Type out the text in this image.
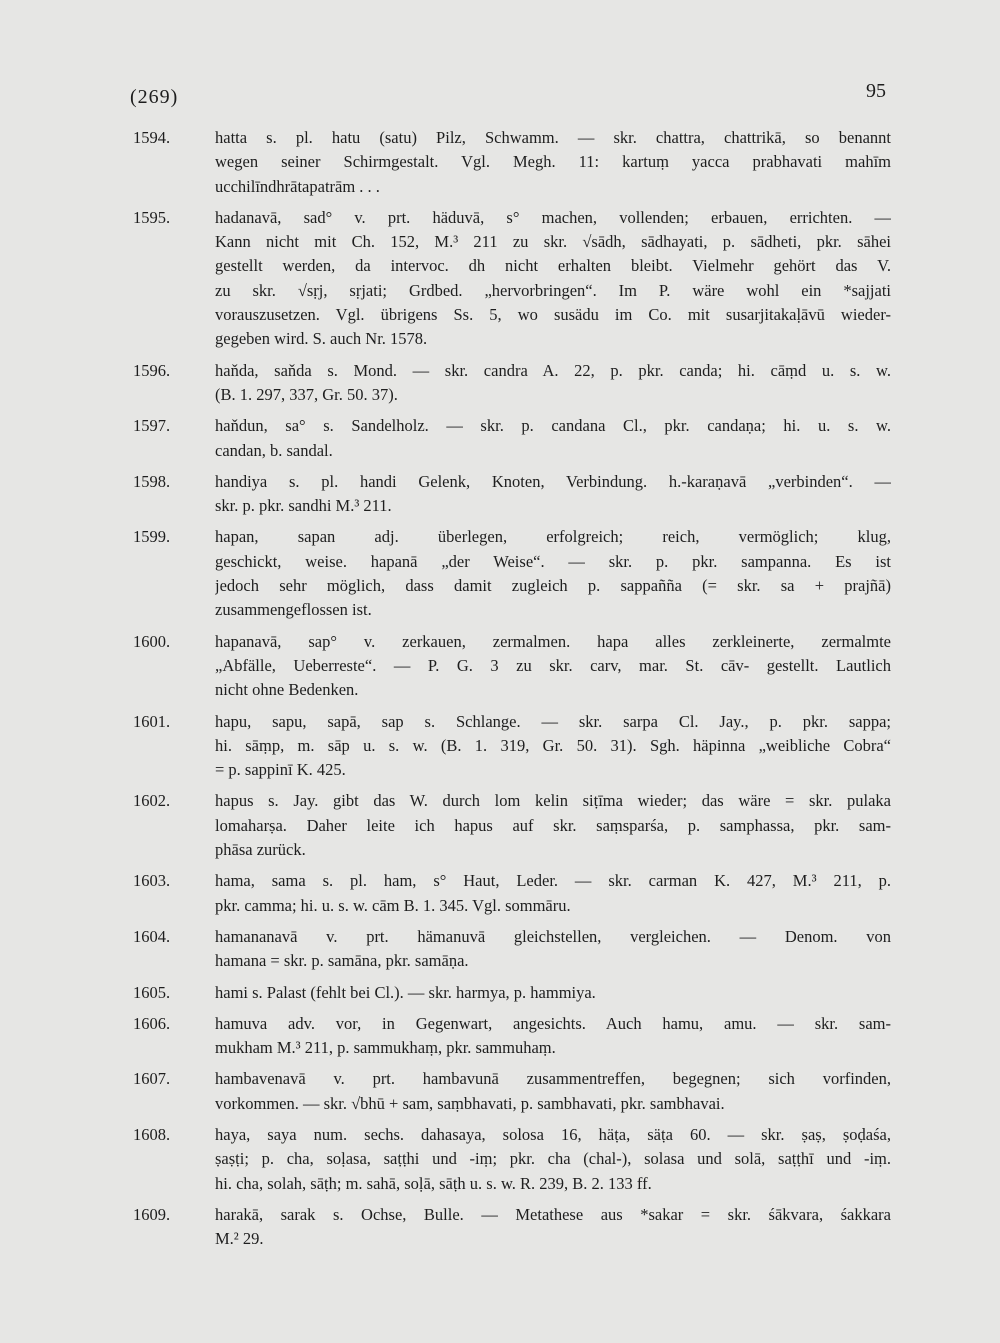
(269)	95
1594.	hatta s. pl. hatu (satu) Pilz, Schwamm. — skr. chattra, chattrikā, so benannt
wegen seiner Schirmgestalt. Vgl. Megh. 11: kartuṃ yacca prabhavati mahīm
ucchilīndhrātapatrām . . .
1595.	hadanavā, sad° v. prt. häduvā, s° machen, vollenden; erbauen, errichten. —
Kann nicht mit Ch. 152, M.³ 211 zu skr. √sādh, sādhayati, p. sādheti, pkr. sāhei
gestellt werden, da intervoc. dh nicht erhalten bleibt. Vielmehr gehört das V.
zu skr. √sṛj, sṛjati; Grdbed. „hervorbringen“. Im P. wäre wohl ein *sajjati
vorauszusetzen. Vgl. übrigens Ss. 5, wo susädu im Co. mit susarjitakaḷāvū wieder-
gegeben wird. S. auch Nr. 1578.
1596.	haňda, saňda s. Mond. — skr. candra A. 22, p. pkr. canda; hi. cāṃd u. s. w.
(B. 1. 297, 337, Gr. 50. 37).
1597.	haňdun, sa° s. Sandelholz. — skr. p. candana Cl., pkr. candaṇa; hi. u. s. w.
candan, b. sandal.
1598.	handiya s. pl. handi Gelenk, Knoten, Verbindung. h.-karaṇavā „verbinden“. —
skr. p. pkr. sandhi M.³ 211.
1599.	hapan, sapan adj. überlegen, erfolgreich; reich, vermöglich; klug,
geschickt, weise. hapanā „der Weise“. — skr. p. pkr. sampanna. Es ist
jedoch sehr möglich, dass damit zugleich p. sappañña (= skr. sa + prajñā)
zusammengeflossen ist.
1600.	hapanavā, sap° v. zerkauen, zermalmen. hapa alles zerkleinerte, zermalmte
„Abfälle, Ueberreste“. — P. G. 3 zu skr. carv, mar. St. cāv- gestellt. Lautlich
nicht ohne Bedenken.
1601.	hapu, sapu, sapā, sap s. Schlange. — skr. sarpa Cl. Jay., p. pkr. sappa;
hi. sāṃp, m. sāp u. s. w. (B. 1. 319, Gr. 50. 31). Sgh. häpinna „weibliche Cobra“
= p. sappinī K. 425.
1602.	hapus s. Jay. gibt das W. durch lom kelin siṭīma wieder; das wäre = skr. pulaka
lomaharṣa. Daher leite ich hapus auf skr. saṃsparśa, p. samphassa, pkr. sam-
phāsa zurück.
1603.	hama, sama s. pl. ham, s° Haut, Leder. — skr. carman K. 427, M.³ 211, p.
pkr. camma; hi. u. s. w. cām B. 1. 345. Vgl. sommāru.
1604.	hamananavā v. prt. hämanuvā gleichstellen, vergleichen. — Denom. von
hamana = skr. p. samāna, pkr. samāṇa.
1605.	hami s. Palast (fehlt bei Cl.). — skr. harmya, p. hammiya.
1606.	hamuva adv. vor, in Gegenwart, angesichts. Auch hamu, amu. — skr. sam-
mukham M.³ 211, p. sammukhaṃ, pkr. sammuhaṃ.
1607.	hambavenavā v. prt. hambavunā zusammentreffen, begegnen; sich vorfinden,
vorkommen. — skr. √bhū + sam, saṃbhavati, p. sambhavati, pkr. sambhavai.
1608.	haya, saya num. sechs. dahasaya, solosa 16, häṭa, säṭa 60. — skr. ṣaṣ, ṣoḍaśa,
ṣaṣṭi; p. cha, soḷasa, saṭṭhi und -iṃ; pkr. cha (chal-), solasa und solā, saṭṭhī und -iṃ.
hi. cha, solah, sāṭh; m. sahā, soḷā, sāṭh u. s. w. R. 239, B. 2. 133 ff.
1609.	harakā, sarak s. Ochse, Bulle. — Metathese aus *sakar = skr. śākvara, śakkara
M.² 29.
